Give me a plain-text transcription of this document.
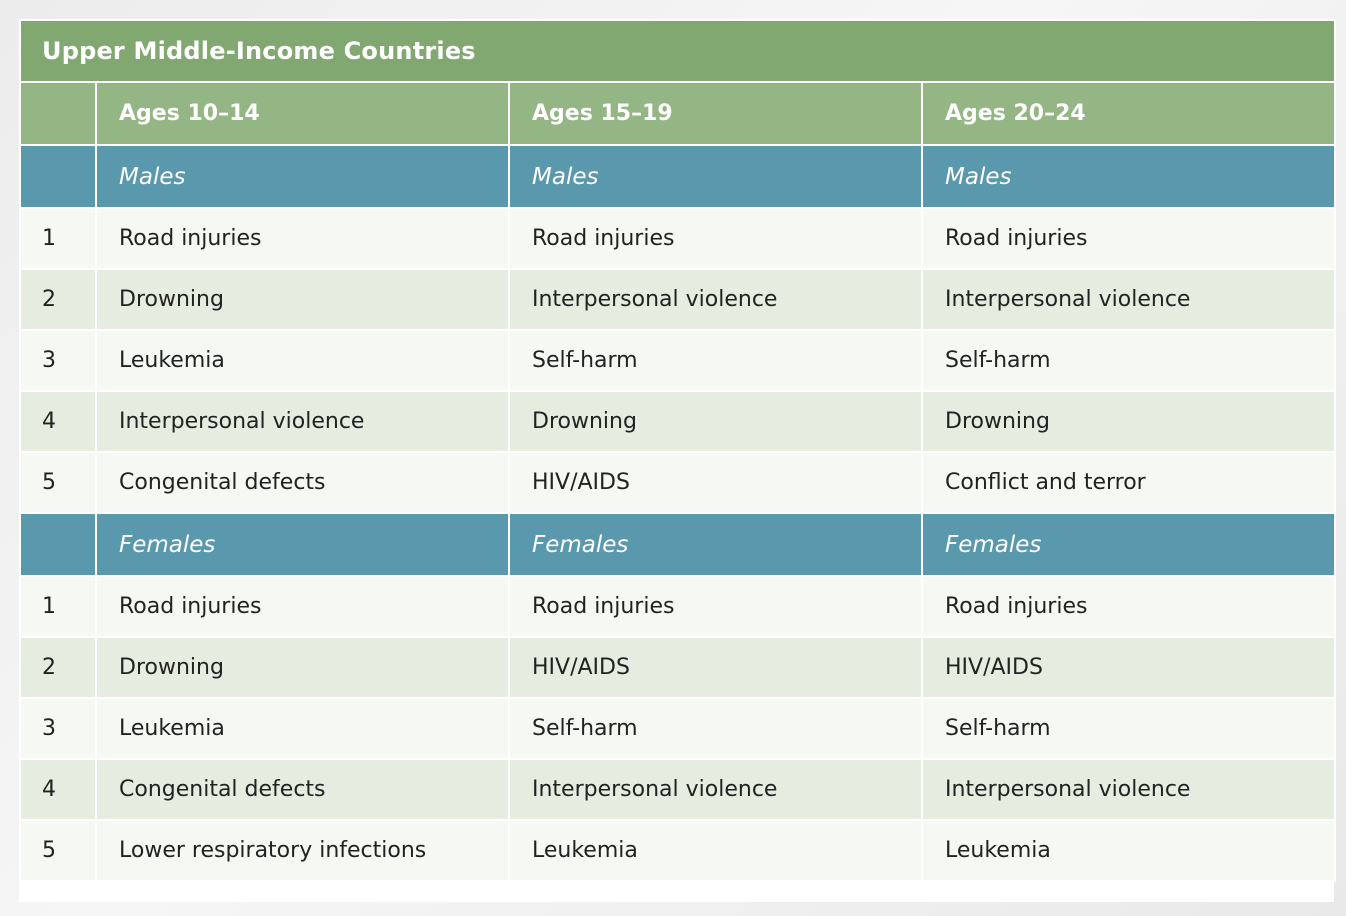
Upper Middle-Income Countries			
	Ages 10–14	Ages 15–19	Ages 20–24
	Males	Males	Males
1	Road injuries	Road injuries	Road injuries
2	Drowning	Interpersonal violence	Interpersonal violence
3	Leukemia	Self-harm	Self-harm
4	Interpersonal violence	Drowning	Drowning
5	Congenital defects	HIV/AIDS	Conflict and terror
	Females	Females	Females
1	Road injuries	Road injuries	Road injuries
2	Drowning	HIV/AIDS	HIV/AIDS
3	Leukemia	Self-harm	Self-harm
4	Congenital defects	Interpersonal violence	Interpersonal violence
5	Lower respiratory infections	Leukemia	Leukemia
